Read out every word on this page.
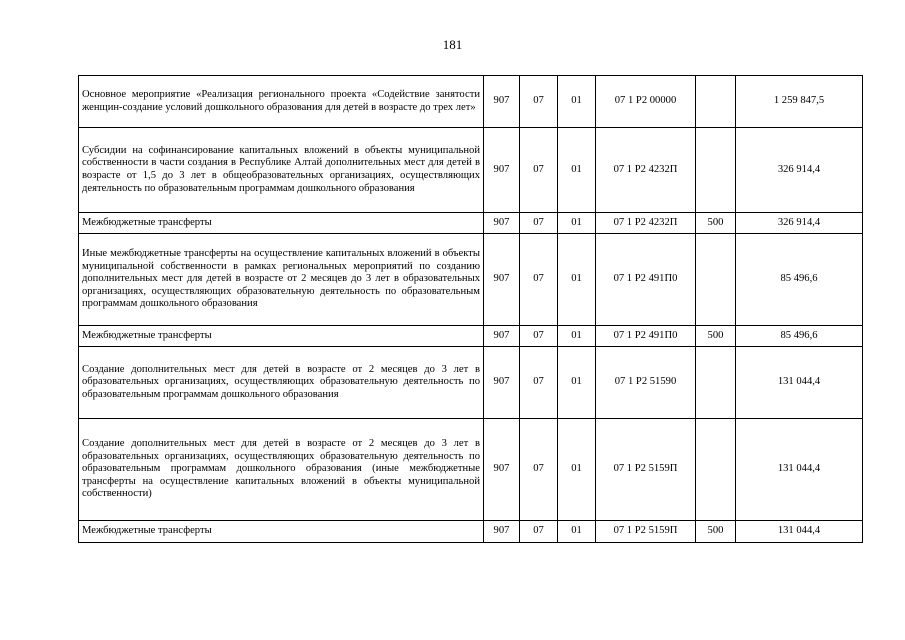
181
Основное мероприятие «Реализация регионального проекта «Содействие занятости женщин-создание условий дошкольного образования для детей в возрасте до трех лет»	907	07	01	07 1 P2 00000		1 259 847,5
Субсидии на софинансирование капитальных вложений в объекты муниципальной собственности в части создания в Республике Алтай дополнительных мест для детей в возрасте от 1,5 до 3 лет в общеобразовательных организациях, осуществляющих деятельность по образовательным программам дошкольного образования	907	07	01	07 1 P2 4232П		326 914,4
Межбюджетные трансферты	907	07	01	07 1 P2 4232П	500	326 914,4
Иные межбюджетные трансферты на осуществление капитальных вложений в объекты муниципальной собственности в рамках региональных мероприятий по созданию дополнительных мест для детей в возрасте от 2 месяцев до 3 лет в образовательных организациях, осуществляющих образовательную деятельность по образовательным программам дошкольного образования	907	07	01	07 1 P2 491П0		85 496,6
Межбюджетные трансферты	907	07	01	07 1 P2 491П0	500	85 496,6
Создание дополнительных мест для детей в возрасте от 2 месяцев до 3 лет в образовательных организациях, осуществляющих образовательную деятельность по образовательным программам дошкольного образования	907	07	01	07 1 P2 51590		131 044,4
Создание дополнительных мест для детей в возрасте от 2 месяцев до 3 лет в образовательных организациях, осуществляющих образовательную деятельность по образовательным программам дошкольного образования (иные межбюджетные трансферты на осуществление капитальных вложений в объекты муниципальной собственности)	907	07	01	07 1 P2 5159П		131 044,4
Межбюджетные трансферты	907	07	01	07 1 P2 5159П	500	131 044,4
